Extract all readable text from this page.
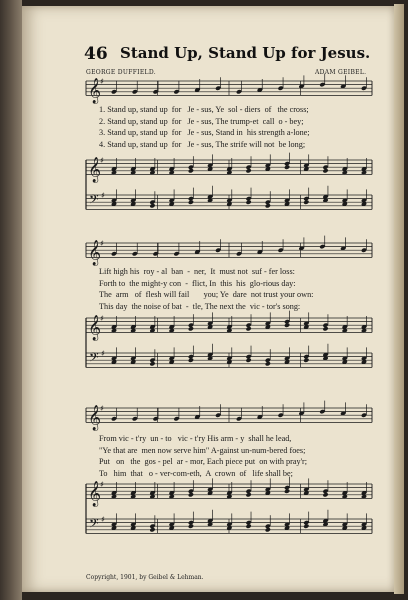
46 Stand Up, Stand Up for Jesus.
GEORGE DUFFIELD.	ADAM GEIBEL.
𝄞
♯
𝄞
♯
𝄢 ♯
𝄞
♯
𝄞
♯
𝄢 ♯
𝄞
♯
𝄞
♯
𝄢 ♯
1. Stand up, stand up  for   Je - sus, Ye  sol - diers  of   the cross;
2. Stand up, stand up  for   Je - sus, The trump-et  call  o - bey;
3. Stand up, stand up  for   Je - sus, Stand in  his strength a-lone;
4. Stand up, stand up  for   Je - sus, The strife will not  be long;
Lift high his  roy - al  ban  -  ner,  It  must not  suf - fer loss:
Forth to  the might-y con  -  flict, In  this  his  glo-rious day:
The  arm   of  flesh will fail       you; Ye  dare  not trust your own:
This day  the noise of bat  -  tle, The next the  vic - tor's song:
From vic - t'ry  un - to   vic - t'ry His arm - y  shall he lead,
"Ye that are  men now serve him" A-gainst un-num-bered foes;
Put   on   the  gos - pel  ar - mor, Each piece put  on with pray'r;
To   him  that   o - ver-com-eth,  A  crown  of   life shall be;
Copyright, 1901, by Geibel & Lehman.
